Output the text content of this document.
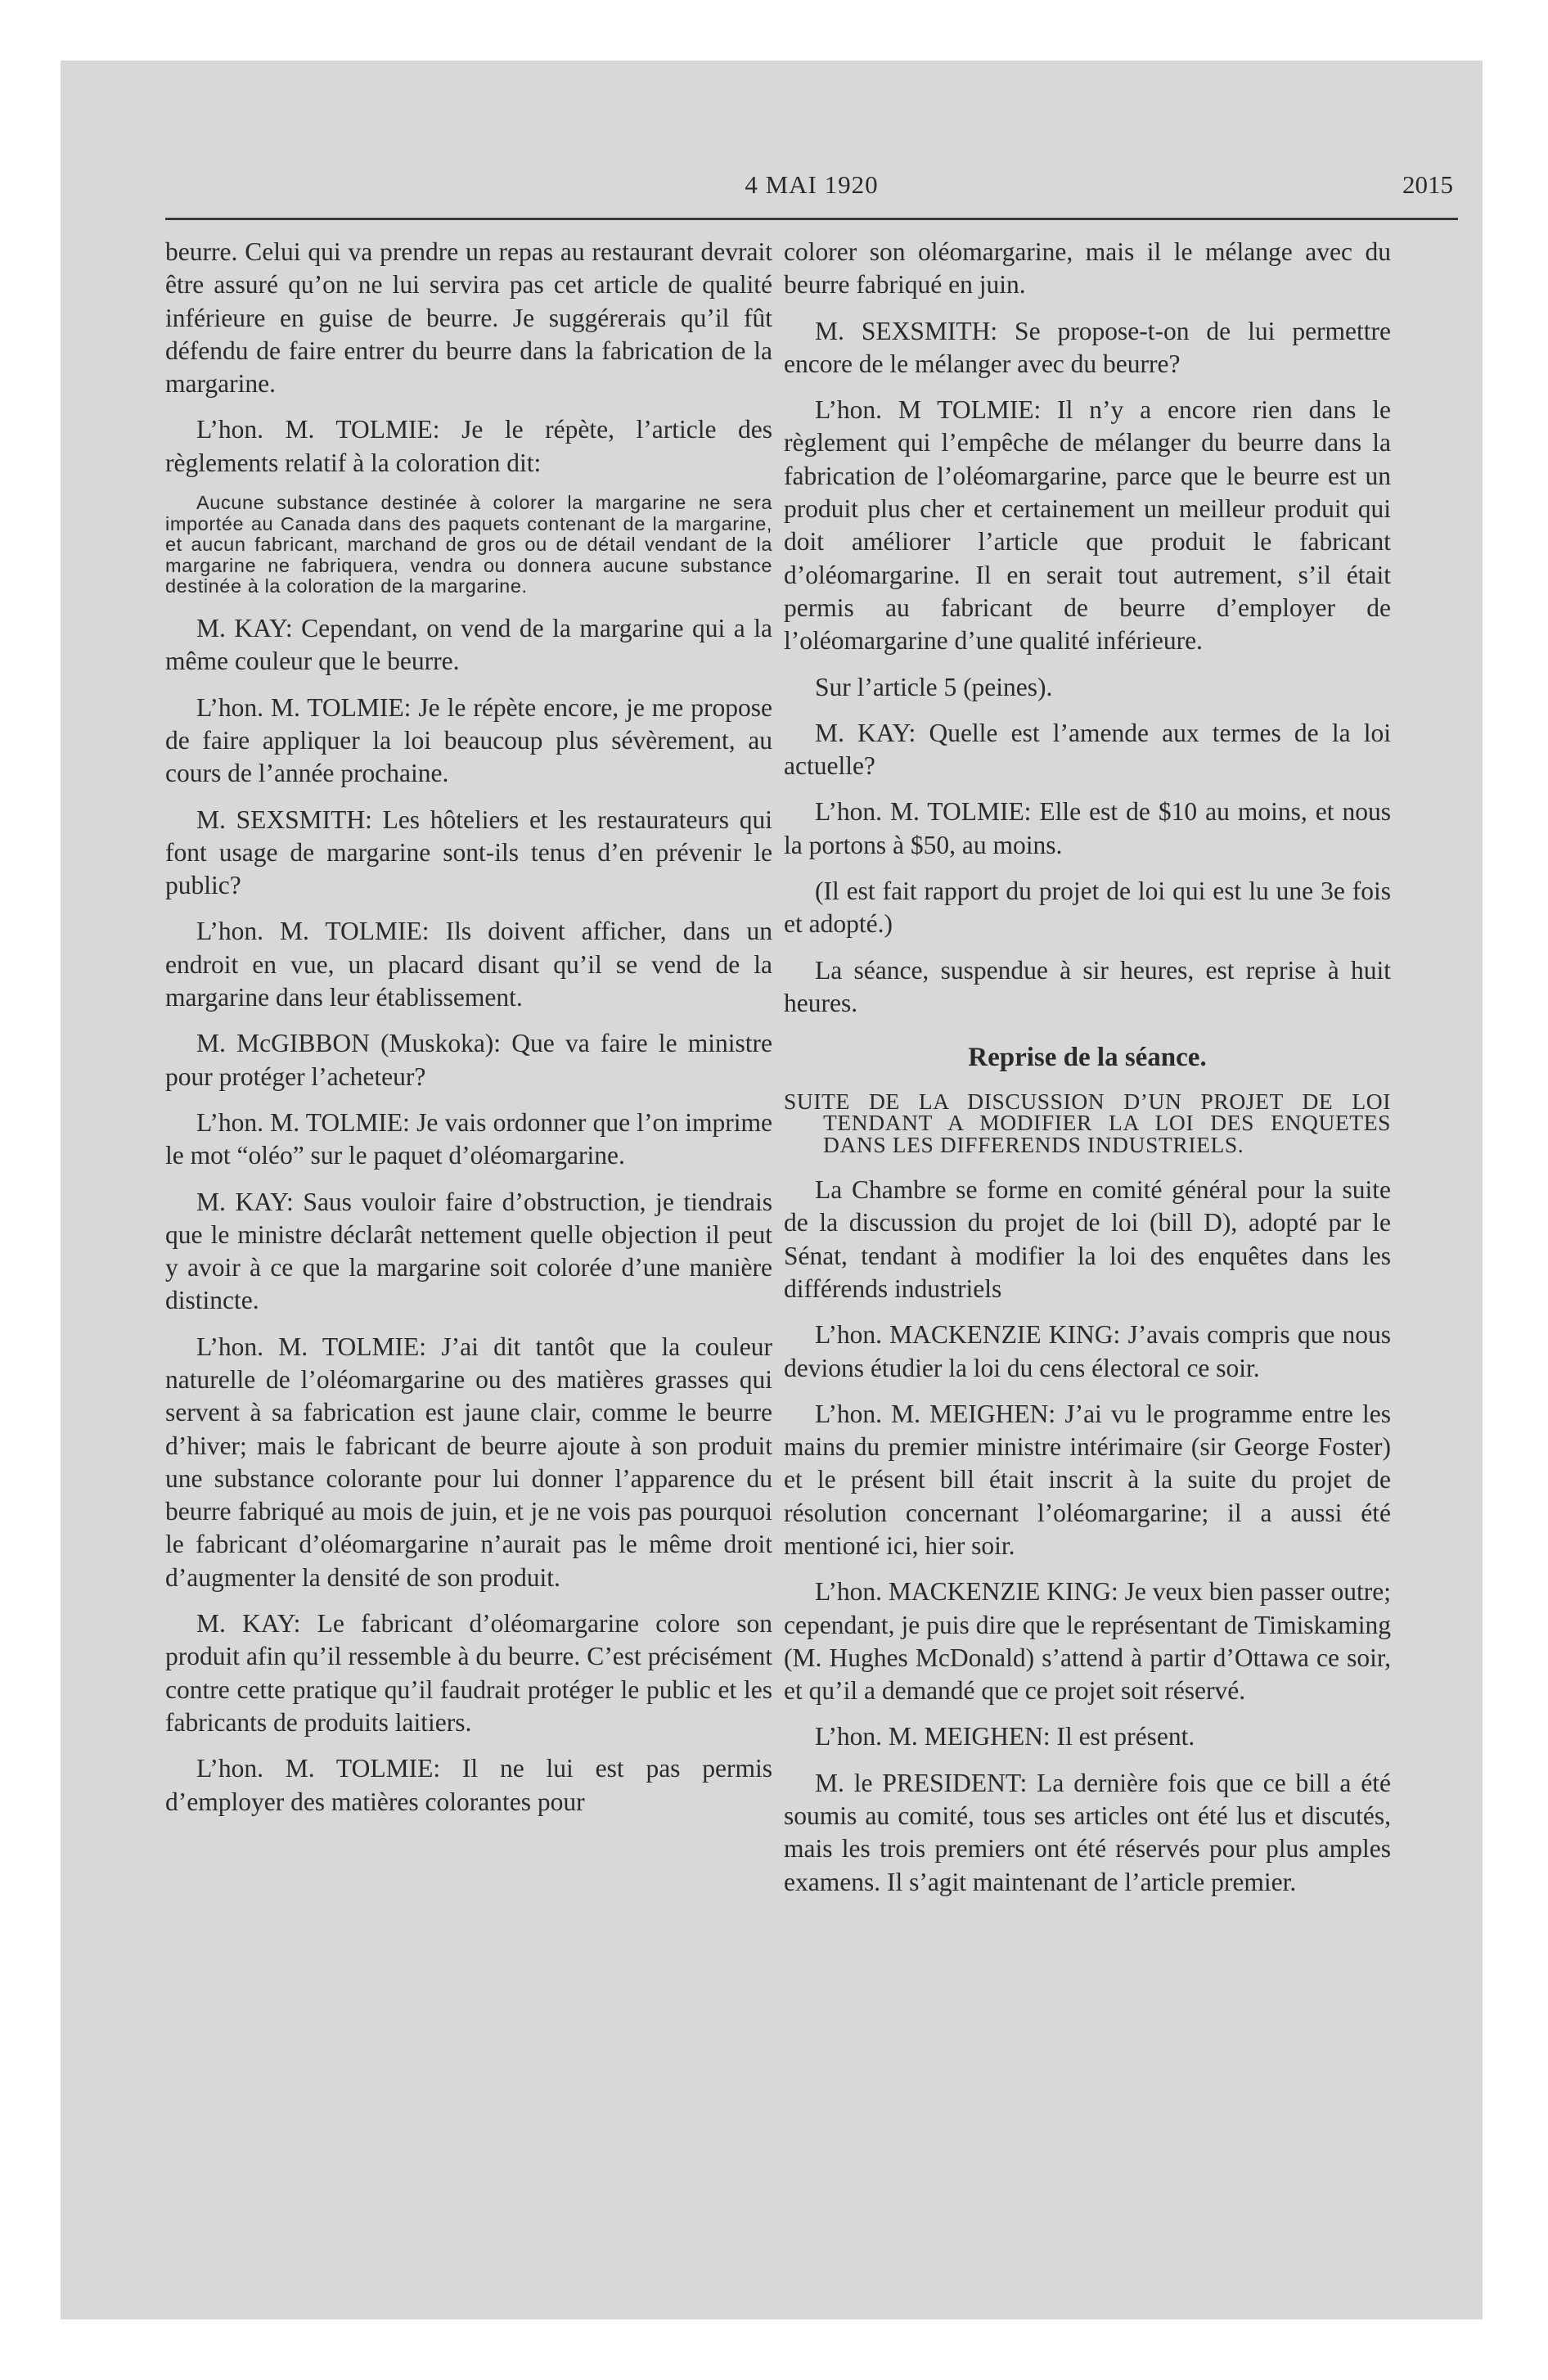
4 MAI 1920	2015

beurre. Celui qui va prendre un repas au restaurant devrait être assuré qu’on ne lui servira pas cet article de qualité inférieure en guise de beurre. Je suggérerais qu’il fût défendu de faire entrer du beurre dans la fabrication de la margarine.

L’hon. M. TOLMIE: Je le répète, l’article des règlements relatif à la coloration dit:

Aucune substance destinée à colorer la margarine ne sera importée au Canada dans des paquets contenant de la margarine, et aucun fabricant, marchand de gros ou de détail vendant de la margarine ne fabriquera, vendra ou donnera aucune substance destinée à la coloration de la margarine.

M. KAY: Cependant, on vend de la margarine qui a la même couleur que le beurre.

L’hon. M. TOLMIE: Je le répète encore, je me propose de faire appliquer la loi beaucoup plus sévèrement, au cours de l’année prochaine.

M. SEXSMITH: Les hôteliers et les restaurateurs qui font usage de margarine sont-ils tenus d’en prévenir le public?

L’hon. M. TOLMIE: Ils doivent afficher, dans un endroit en vue, un placard disant qu’il se vend de la margarine dans leur établissement.

M. McGIBBON (Muskoka): Que va faire le ministre pour protéger l’acheteur?

L’hon. M. TOLMIE: Je vais ordonner que l’on imprime le mot “oléo” sur le paquet d’oléomargarine.

M. KAY: Saus vouloir faire d’obstruction, je tiendrais que le ministre déclarât nettement quelle objection il peut y avoir à ce que la margarine soit colorée d’une manière distincte.

L’hon. M. TOLMIE: J’ai dit tantôt que la couleur naturelle de l’oléomargarine ou des matières grasses qui servent à sa fabrication est jaune clair, comme le beurre d’hiver; mais le fabricant de beurre ajoute à son produit une substance colorante pour lui donner l’apparence du beurre fabriqué au mois de juin, et je ne vois pas pourquoi le fabricant d’oléomargarine n’aurait pas le même droit d’augmenter la densité de son produit.

M. KAY: Le fabricant d’oléomargarine colore son produit afin qu’il ressemble à du beurre. C’est précisément contre cette pratique qu’il faudrait protéger le public et les fabricants de produits laitiers.

L’hon. M. TOLMIE: Il ne lui est pas permis d’employer des matières colorantes pour

colorer son oléomargarine, mais il le mélange avec du beurre fabriqué en juin.

M. SEXSMITH: Se propose-t-on de lui permettre encore de le mélanger avec du beurre?

L’hon. M TOLMIE: Il n’y a encore rien dans le règlement qui l’empêche de mélanger du beurre dans la fabrication de l’oléomargarine, parce que le beurre est un produit plus cher et certainement un meilleur produit qui doit améliorer l’article que produit le fabricant d’oléomargarine. Il en serait tout autrement, s’il était permis au fabricant de beurre d’employer de l’oléomargarine d’une qualité inférieure.

Sur l’article 5 (peines).

M. KAY: Quelle est l’amende aux termes de la loi actuelle?

L’hon. M. TOLMIE: Elle est de $10 au moins, et nous la portons à $50, au moins.

(Il est fait rapport du projet de loi qui est lu une 3e fois et adopté.)

La séance, suspendue à sir heures, est reprise à huit heures.

Reprise de la séance.
SUITE DE LA DISCUSSION D’UN PROJET DE LOI TENDANT A MODIFIER LA LOI DES ENQUETES DANS LES DIFFERENDS INDUSTRIELS.

La Chambre se forme en comité général pour la suite de la discussion du projet de loi (bill D), adopté par le Sénat, tendant à modifier la loi des enquêtes dans les différends industriels

L’hon. MACKENZIE KING: J’avais compris que nous devions étudier la loi du cens électoral ce soir.

L’hon. M. MEIGHEN: J’ai vu le programme entre les mains du premier ministre intérimaire (sir George Foster) et le présent bill était inscrit à la suite du projet de résolution concernant l’oléomargarine; il a aussi été mentioné ici, hier soir.

L’hon. MACKENZIE KING: Je veux bien passer outre; cependant, je puis dire que le représentant de Timiskaming (M. Hughes McDonald) s’attend à partir d’Ottawa ce soir, et qu’il a demandé que ce projet soit réservé.

L’hon. M. MEIGHEN: Il est présent.

M. le PRESIDENT: La dernière fois que ce bill a été soumis au comité, tous ses articles ont été lus et discutés, mais les trois premiers ont été réservés pour plus amples examens. Il s’agit maintenant de l’article premier.
